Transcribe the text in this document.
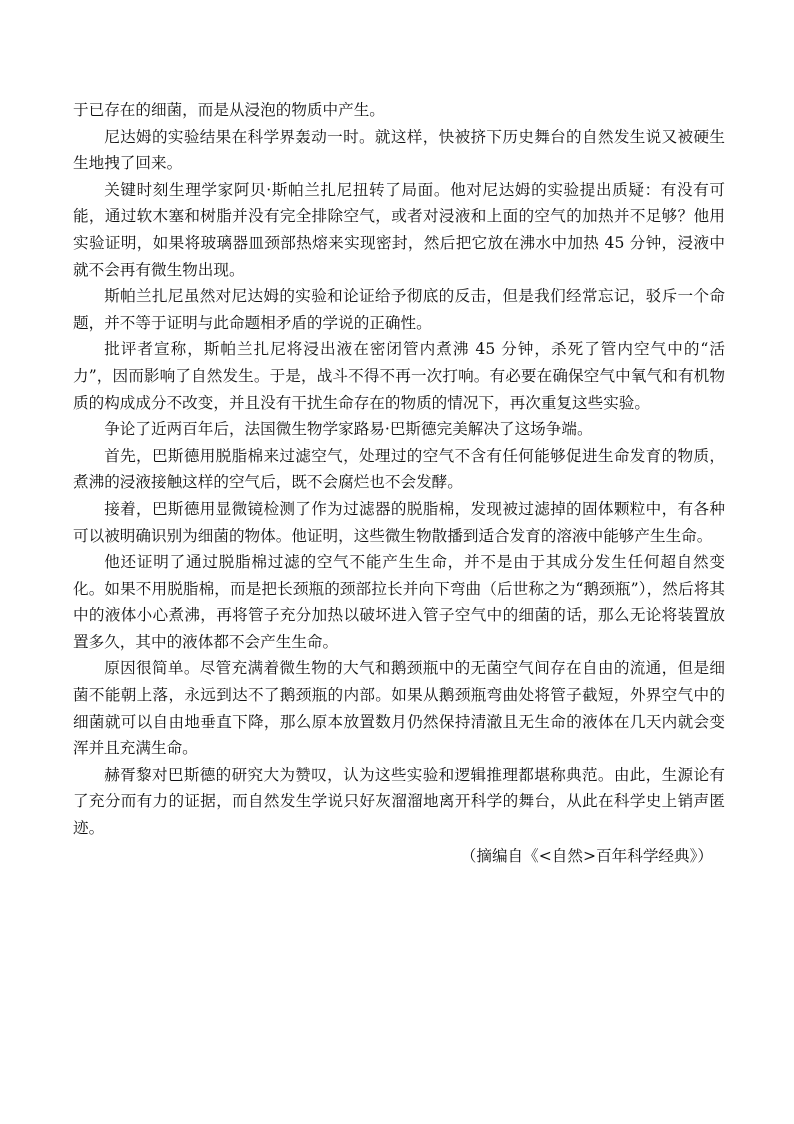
于已存在的细菌，而是从浸泡的物质中产生。

尼达姆的实验结果在科学界轰动一时。就这样，快被挤下历史舞台的自然发生说又被硬生生地拽了回来。

关键时刻生理学家阿贝·斯帕兰扎尼扭转了局面。他对尼达姆的实验提出质疑：有没有可能，通过软木塞和树脂并没有完全排除空气，或者对浸液和上面的空气的加热并不足够？他用实验证明，如果将玻璃器皿颈部热熔来实现密封，然后把它放在沸水中加热 45 分钟，浸液中就不会再有微生物出现。

斯帕兰扎尼虽然对尼达姆的实验和论证给予彻底的反击，但是我们经常忘记，驳斥一个命题，并不等于证明与此命题相矛盾的学说的正确性。

批评者宣称，斯帕兰扎尼将浸出液在密闭管内煮沸 45 分钟，杀死了管内空气中的“活力”，因而影响了自然发生。于是，战斗不得不再一次打响。有必要在确保空气中氧气和有机物质的构成成分不改变，并且没有干扰生命存在的物质的情况下，再次重复这些实验。

争论了近两百年后，法国微生物学家路易·巴斯德完美解决了这场争端。

首先，巴斯德用脱脂棉来过滤空气，处理过的空气不含有任何能够促进生命发育的物质，煮沸的浸液接触这样的空气后，既不会腐烂也不会发酵。

接着，巴斯德用显微镜检测了作为过滤器的脱脂棉，发现被过滤掉的固体颗粒中，有各种可以被明确识别为细菌的物体。他证明，这些微生物散播到适合发育的溶液中能够产生生命。

他还证明了通过脱脂棉过滤的空气不能产生生命，并不是由于其成分发生任何超自然变化。如果不用脱脂棉，而是把长颈瓶的颈部拉长并向下弯曲（后世称之为“鹅颈瓶”），然后将其中的液体小心煮沸，再将管子充分加热以破坏进入管子空气中的细菌的话，那么无论将装置放置多久，其中的液体都不会产生生命。

原因很简单。尽管充满着微生物的大气和鹅颈瓶中的无菌空气间存在自由的流通，但是细菌不能朝上落，永远到达不了鹅颈瓶的内部。如果从鹅颈瓶弯曲处将管子截短，外界空气中的细菌就可以自由地垂直下降，那么原本放置数月仍然保持清澈且无生命的液体在几天内就会变浑并且充满生命。

赫胥黎对巴斯德的研究大为赞叹，认为这些实验和逻辑推理都堪称典范。由此，生源论有了充分而有力的证据，而自然发生学说只好灰溜溜地离开科学的舞台，从此在科学史上销声匿迹。

（摘编自《<自然>百年科学经典》）
